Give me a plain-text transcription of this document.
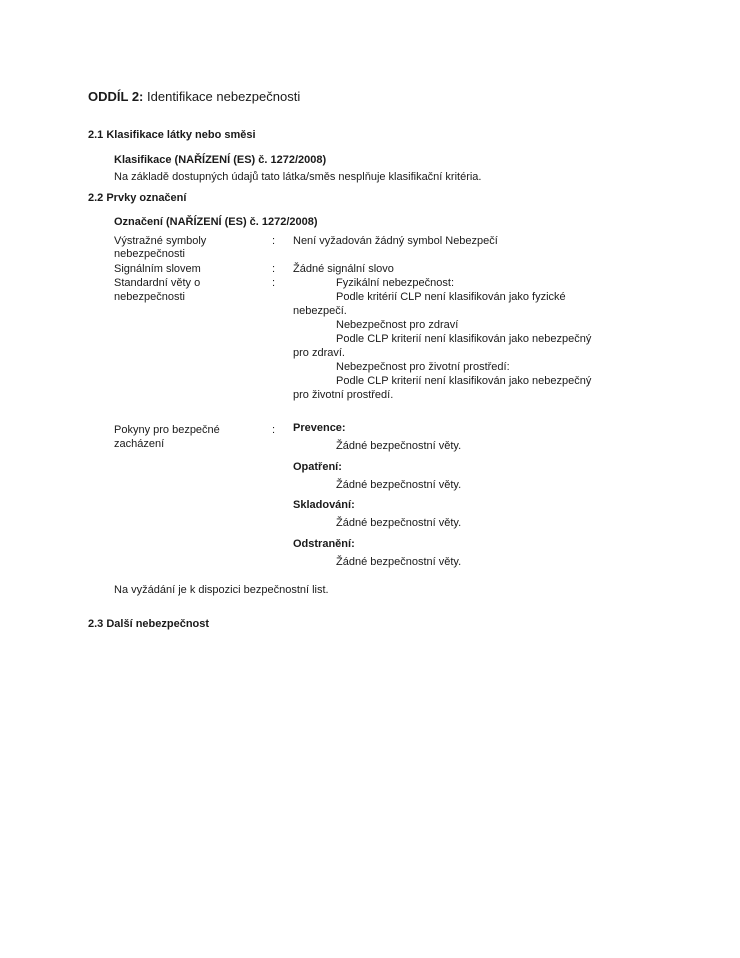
ODDÍL 2: Identifikace nebezpečnosti
2.1 Klasifikace látky nebo směsi
Klasifikace (NAŘÍZENÍ (ES) č. 1272/2008)
Na základě dostupných údajů tato látka/směs nesplňuje klasifikační kritéria.
2.2 Prvky označení
Označení (NAŘÍZENÍ (ES) č. 1272/2008)
Výstražné symboly
nebezpečnosti
: Není vyžadován žádný symbol Nebezpečí
Signálním slovem	: Žádné signální slovo
Standardní věty o
nebezpečnosti
:	Fyzikální nebezpečnost:
Podle kritérií CLP není klasifikován jako fyzické
nebezpečí.
Nebezpečnost pro zdraví
Podle CLP kriterií není klasifikován jako nebezpečný
pro zdraví.
Nebezpečnost pro životní prostředí:
Podle CLP kriterií není klasifikován jako nebezpečný
pro životní prostředí.
Pokyny pro bezpečné
zacházení
: Prevence:
Žádné bezpečnostní věty.
Opatření:
Žádné bezpečnostní věty.
Skladování:
Žádné bezpečnostní věty.
Odstranění:
Žádné bezpečnostní věty.
Na vyžádání je k dispozici bezpečnostní list.
2.3 Další nebezpečnost
